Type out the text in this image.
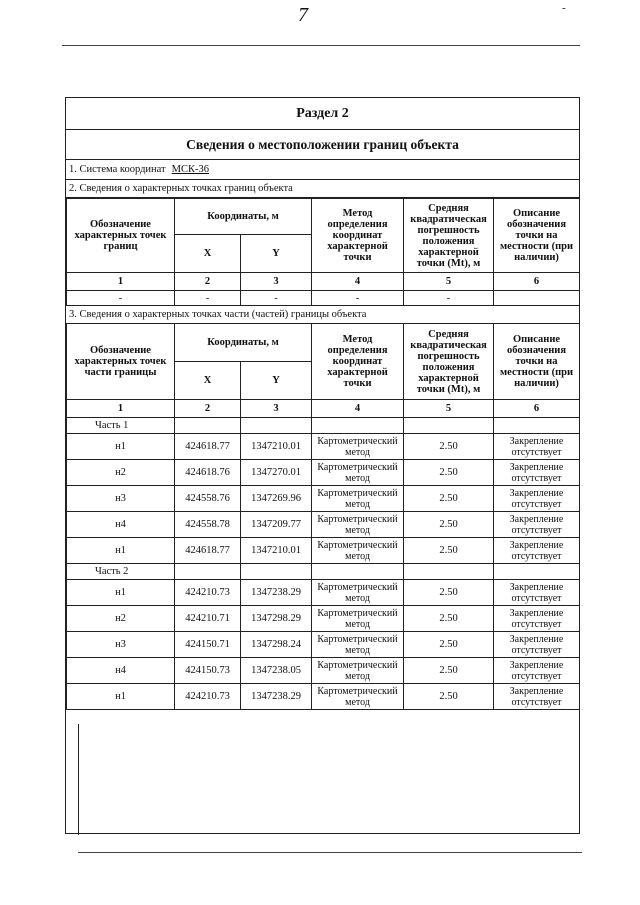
7	-
Раздел 2
Сведения о местоположении границ объекта
1. Система координат МСК-36
2. Сведения о характерных точках границ объекта
Обозначение характерных точек границ	Координаты, м		Метод определения координат характерной точки	Средняя квадратическая погрешность положения характерной точки (Mt), м	Описание обозначения точки на местности (при наличии)
	X	Y			
1	2	3	4	5	6
-	-	-	-	-	
3. Сведения о характерных точках части (частей) границы объекта
Обозначение характерных точек части границы	Координаты, м		Метод определения координат характерной точки	Средняя квадратическая погрешность положения характерной точки (Mt), м	Описание обозначения точки на местности (при наличии)
	X	Y			
1	2	3	4	5	6
Часть 1					
н1	424618.77	1347210.01	Картометрический метод	2.50	Закрепление отсутствует
н2	424618.76	1347270.01	Картометрический метод	2.50	Закрепление отсутствует
н3	424558.76	1347269.96	Картометрический метод	2.50	Закрепление отсутствует
н4	424558.78	1347209.77	Картометрический метод	2.50	Закрепление отсутствует
н1	424618.77	1347210.01	Картометрический метод	2.50	Закрепление отсутствует
Часть 2					
н1	424210.73	1347238.29	Картометрический метод	2.50	Закрепление отсутствует
н2	424210.71	1347298.29	Картометрический метод	2.50	Закрепление отсутствует
н3	424150.71	1347298.24	Картометрический метод	2.50	Закрепление отсутствует
н4	424150.73	1347238.05	Картометрический метод	2.50	Закрепление отсутствует
н1	424210.73	1347238.29	Картометрический метод	2.50	Закрепление отсутствует
